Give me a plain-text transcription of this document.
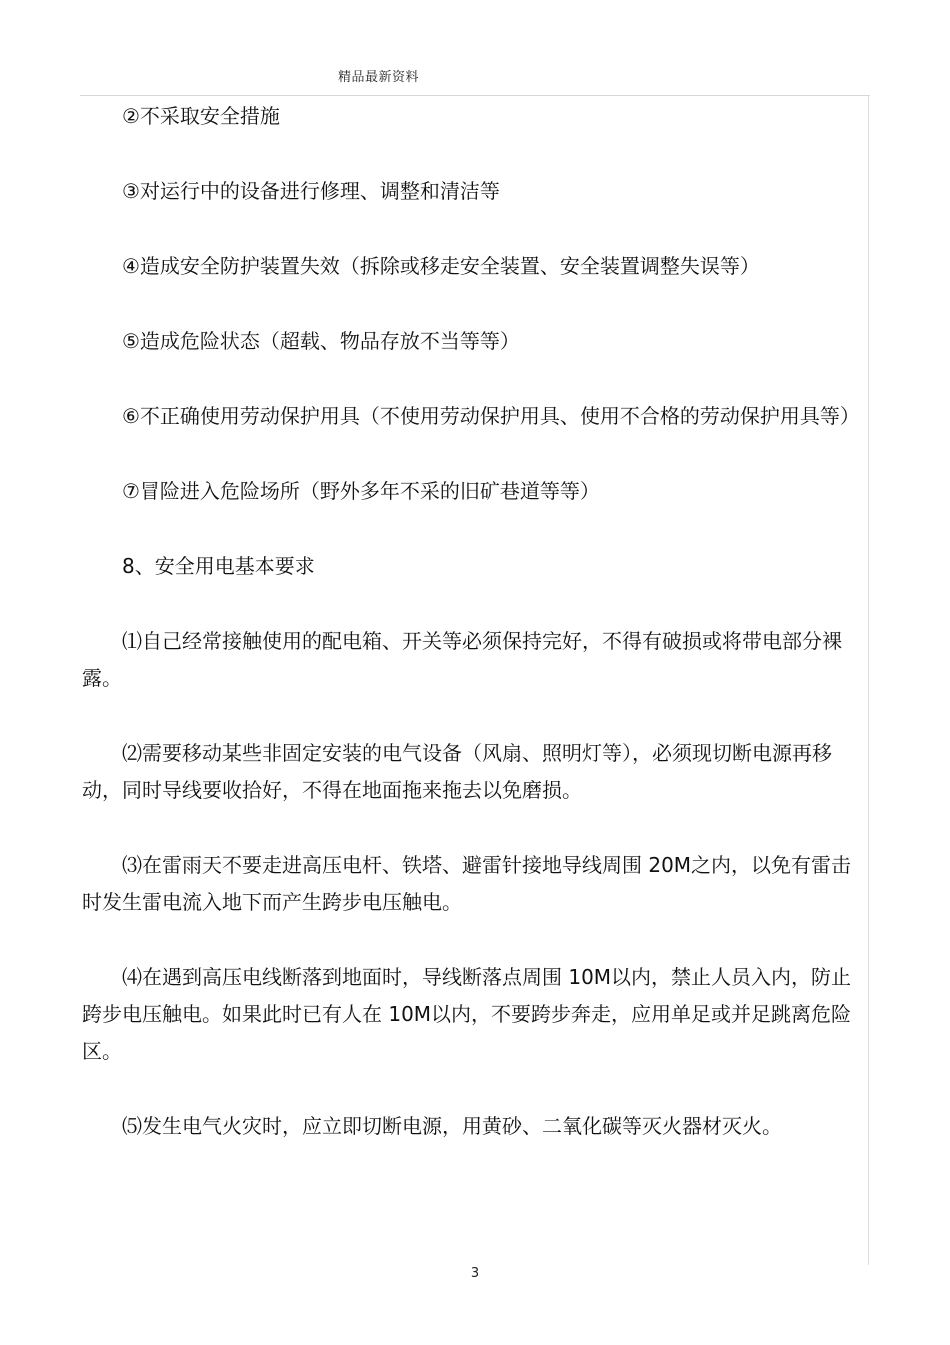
精品最新资料

②不采取安全措施

③对运行中的设备进行修理、调整和清洁等

④造成安全防护装置失效（拆除或移走安全装置、安全装置调整失误等）

⑤造成危险状态（超载、物品存放不当等等）

⑥不正确使用劳动保护用具（不使用劳动保护用具、使用不合格的劳动保护用具等）

⑦冒险进入危险场所（野外多年不采的旧矿巷道等等）

8、安全用电基本要求

⑴自己经常接触使用的配电箱、开关等必须保持完好，不得有破损或将带电部分裸露。

⑵需要移动某些非固定安装的电气设备（风扇、照明灯等），必须现切断电源再移动，同时导线要收拾好，不得在地面拖来拖去以免磨损。

⑶在雷雨天不要走进高压电杆、铁塔、避雷针接地导线周围 20M之内，以免有雷击时发生雷电流入地下而产生跨步电压触电。

⑷在遇到高压电线断落到地面时，导线断落点周围 10M以内，禁止人员入内，防止跨步电压触电。如果此时已有人在 10M以内，不要跨步奔走，应用单足或并足跳离危险区。

⑸发生电气火灾时，应立即切断电源，用黄砂、二氧化碳等灭火器材灭火。

3
